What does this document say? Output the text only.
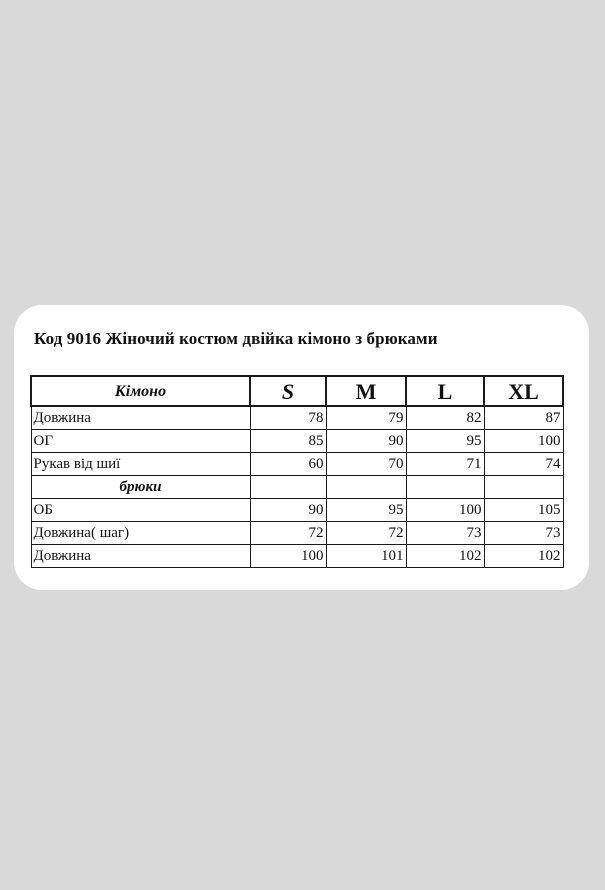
Код 9016 Жіночий костюм двійка кімоно з брюками
Кімоно	S	M	L	XL
Довжина	78	79	82	87
ОГ	85	90	95	100
Рукав від шиї	60	70	71	74
брюки				
ОБ	90	95	100	105
Довжина( шаг)	72	72	73	73
Довжина	100	101	102	102
